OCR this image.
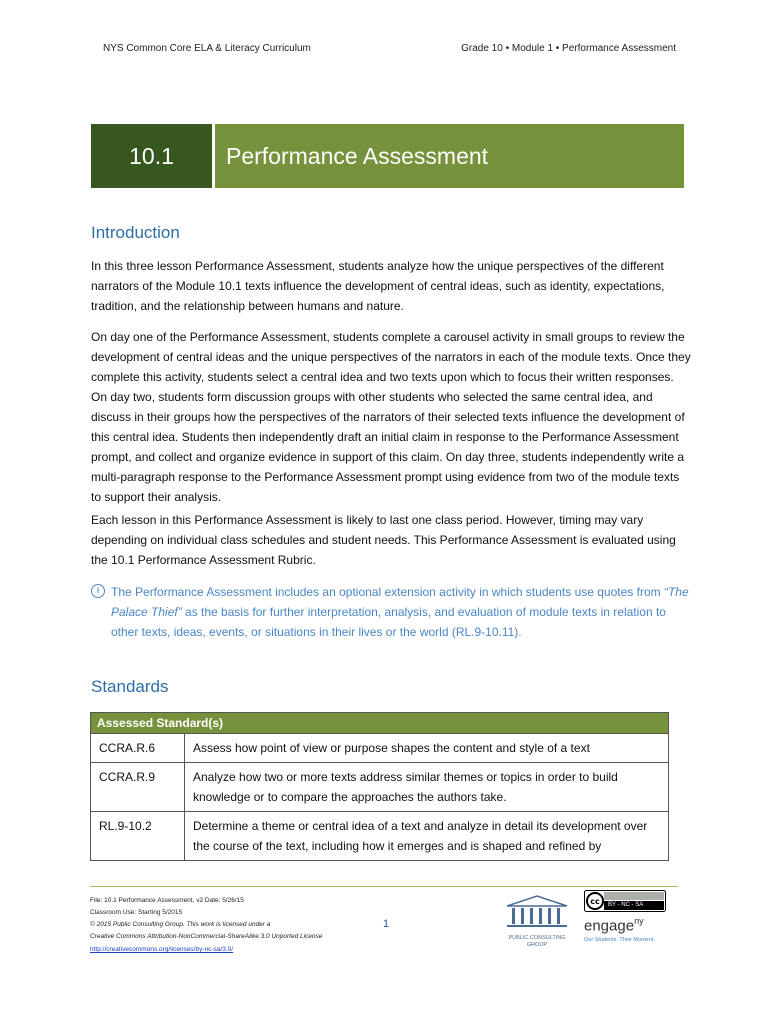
NYS Common Core ELA & Literacy Curriculum	Grade 10 • Module 1 • Performance Assessment
10.1	Performance Assessment
Introduction
In this three lesson Performance Assessment, students analyze how the unique perspectives of the different narrators of the Module 10.1 texts influence the development of central ideas, such as identity, expectations, tradition, and the relationship between humans and nature.
On day one of the Performance Assessment, students complete a carousel activity in small groups to review the development of central ideas and the unique perspectives of the narrators in each of the module texts. Once they complete this activity, students select a central idea and two texts upon which to focus their written responses. On day two, students form discussion groups with other students who selected the same central idea, and discuss in their groups how the perspectives of the narrators of their selected texts influence the development of this central idea. Students then independently draft an initial claim in response to the Performance Assessment prompt, and collect and organize evidence in support of this claim. On day three, students independently write a multi-paragraph response to the Performance Assessment prompt using evidence from two of the module texts to support their analysis.
Each lesson in this Performance Assessment is likely to last one class period. However, timing may vary depending on individual class schedules and student needs. This Performance Assessment is evaluated using the 10.1 Performance Assessment Rubric.
i The Performance Assessment includes an optional extension activity in which students use quotes from “The Palace Thief” as the basis for further interpretation, analysis, and evaluation of module texts in relation to other texts, ideas, events, or situations in their lives or the world (RL.9-10.11).
Standards
Assessed Standard(s)	
CCRA.R.6	Assess how point of view or purpose shapes the content and style of a text
CCRA.R.9	Analyze how two or more texts address similar themes or topics in order to build knowledge or to compare the approaches the authors take.
RL.9-10.2	Determine a theme or central idea of a text and analyze in detail its development over the course of the text, including how it emerges and is shaped and refined by
File: 10.1 Performance Assessment, v2 Date: 5/26/15
Classroom Use: Starting 5/2015
© 2015 Public Consulting Group. This work is licensed under a
Creative Commons Attribution-NonCommercial-ShareAlike 3.0 Unported License
http://creativecommons.org/licenses/by-nc-sa/3.0/
1
PUBLIC CONSULTING
GROUP
cc BY - NC - SA
engage$^{ny}$
Our Students. Their Moment.
